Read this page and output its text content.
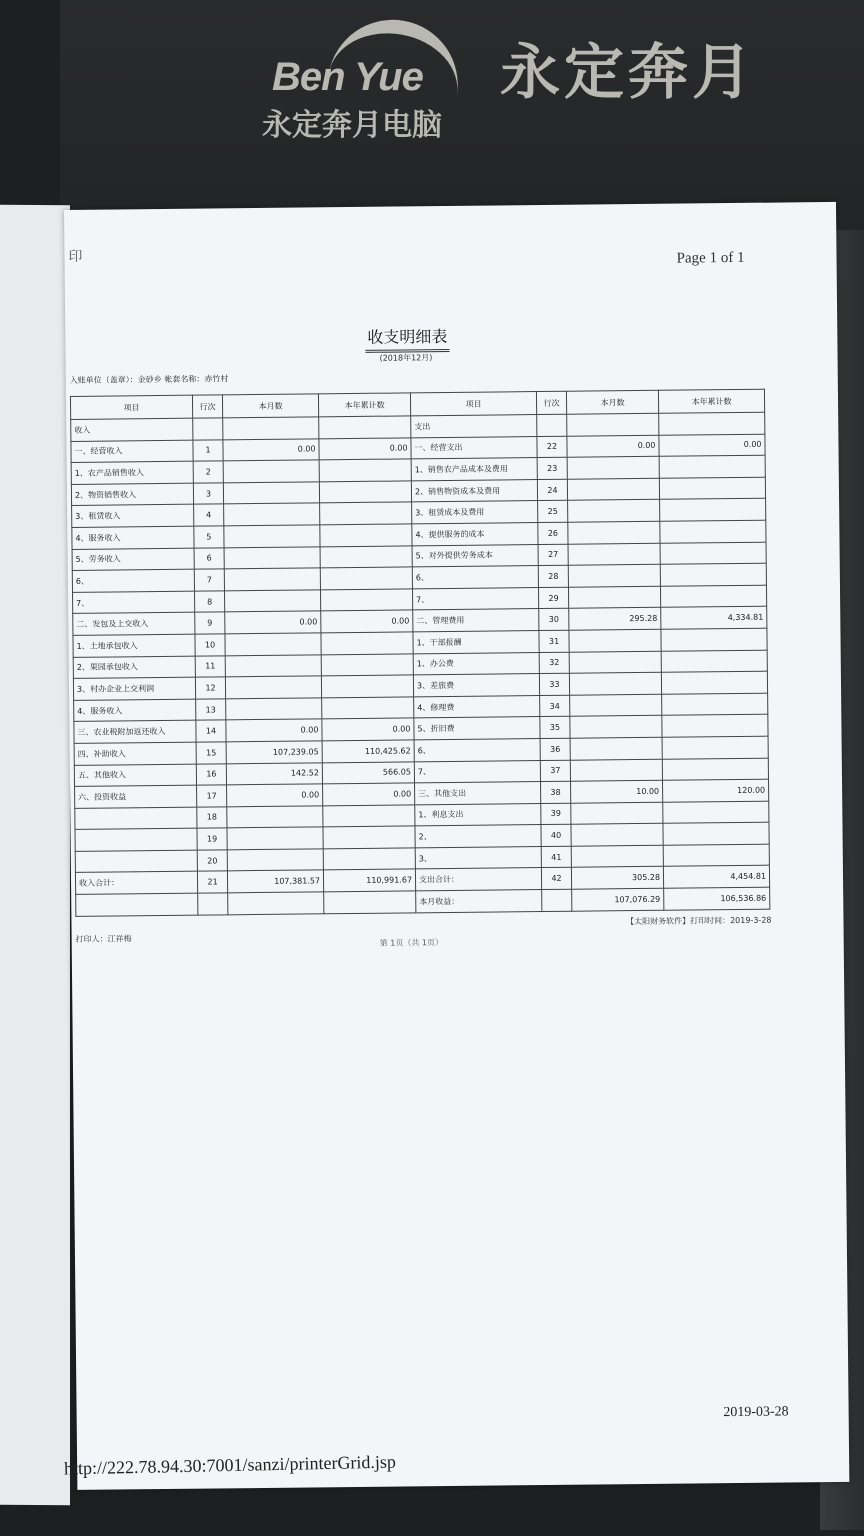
Ben Yue
永定奔月电脑
永定奔月
印	Page 1 of 1
收支明细表
(2018年12月)
入账单位（盖章）：金砂乡 帐套名称：赤竹村
项目	行次	本月数	本年累计数	项目	行次	本月数	本年累计数
收入				支出			
一、经营收入	1	0.00	0.00	一、经营支出	22	0.00	0.00
1、农产品销售收入	2			1、销售农产品成本及费用	23		
2、物资销售收入	3			2、销售物资成本及费用	24		
3、租赁收入	4			3、租赁成本及费用	25		
4、服务收入	5			4、提供服务的成本	26		
5、劳务收入	6			5、对外提供劳务成本	27		
6、	7			6、	28		
7、	8			7、	29		
二、发包及上交收入	9	0.00	0.00	二、管理费用	30	295.28	4,334.81
1、土地承包收入	10			1、干部报酬	31		
2、果园承包收入	11			1、办公费	32		
3、村办企业上交利润	12			3、差旅费	33		
4、服务收入	13			4、修理费	34		
三、农业税附加返还收入	14	0.00	0.00	5、折旧费	35		
四、补助收入	15	107,239.05	110,425.62	6、	36		
五、其他收入	16	142.52	566.05	7、	37		
六、投资收益	17	0.00	0.00	三、其他支出	38	10.00	120.00
	18			1、利息支出	39		
	19			2、	40		
	20			3、	41		
收入合计：	21	107,381.57	110,991.67	支出合计：	42	305.28	4,454.81
				本月收益：		107,076.29	106,536.86
【太阳财务软件】打印时间：2019-3-28
打印人：江祥梅	第 1页（共 1页）
2019-03-28
http://222.78.94.30:7001/sanzi/printerGrid.jsp
